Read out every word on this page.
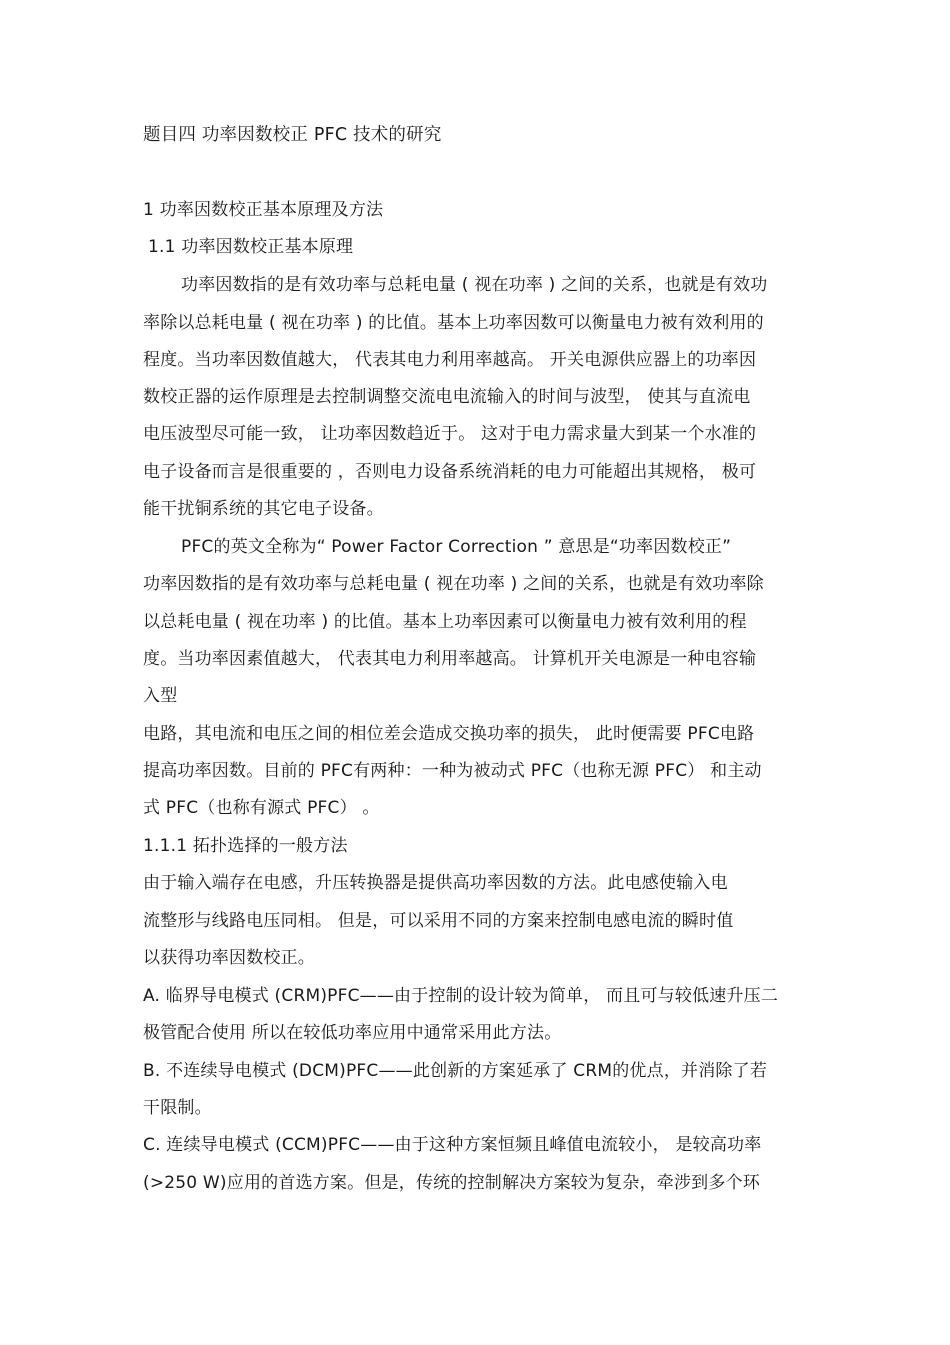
题目四 功率因数校正 PFC 技术的研究
1 功率因数校正基本原理及方法
1.1 功率因数校正基本原理
功率因数指的是有效功率与总耗电量 ( 视在功率 ) 之间的关系，也就是有效功
率除以总耗电量 ( 视在功率 ) 的比值。基本上功率因数可以衡量电力被有效利用的
程度。当功率因数值越大， 代表其电力利用率越高。 开关电源供应器上的功率因
数校正器的运作原理是去控制调整交流电电流输入的时间与波型， 使其与直流电
电压波型尽可能一致， 让功率因数趋近于。 这对于电力需求量大到某一个水准的
电子设备而言是很重要的 ，否则电力设备系统消耗的电力可能超出其规格， 极可
能干扰铜系统的其它电子设备。
PFC的英文全称为“ Power Factor Correction ” 意思是“功率因数校正”
功率因数指的是有效功率与总耗电量 ( 视在功率 ) 之间的关系，也就是有效功率除
以总耗电量 ( 视在功率 ) 的比值。基本上功率因素可以衡量电力被有效利用的程
度。当功率因素值越大， 代表其电力利用率越高。 计算机开关电源是一种电容输
入型
电路，其电流和电压之间的相位差会造成交换功率的损失， 此时便需要 PFC电路
提高功率因数。目前的 PFC有两种：一种为被动式 PFC（也称无源 PFC） 和主动
式 PFC（也称有源式 PFC） 。
1.1.1 拓扑选择的一般方法
由于输入端存在电感，升压转换器是提供高功率因数的方法。此电感使输入电
流整形与线路电压同相。 但是，可以采用不同的方案来控制电感电流的瞬时值
以获得功率因数校正。
A. 临界导电模式 (CRM)PFC——由于控制的设计较为简单， 而且可与较低速升压二
极管配合使用 所以在较低功率应用中通常采用此方法。
B. 不连续导电模式 (DCM)PFC——此创新的方案延承了 CRM的优点，并消除了若
干限制。
C. 连续导电模式 (CCM)PFC——由于这种方案恒频且峰值电流较小， 是较高功率
(>250 W)应用的首选方案。但是，传统的控制解决方案较为复杂，牵涉到多个环
